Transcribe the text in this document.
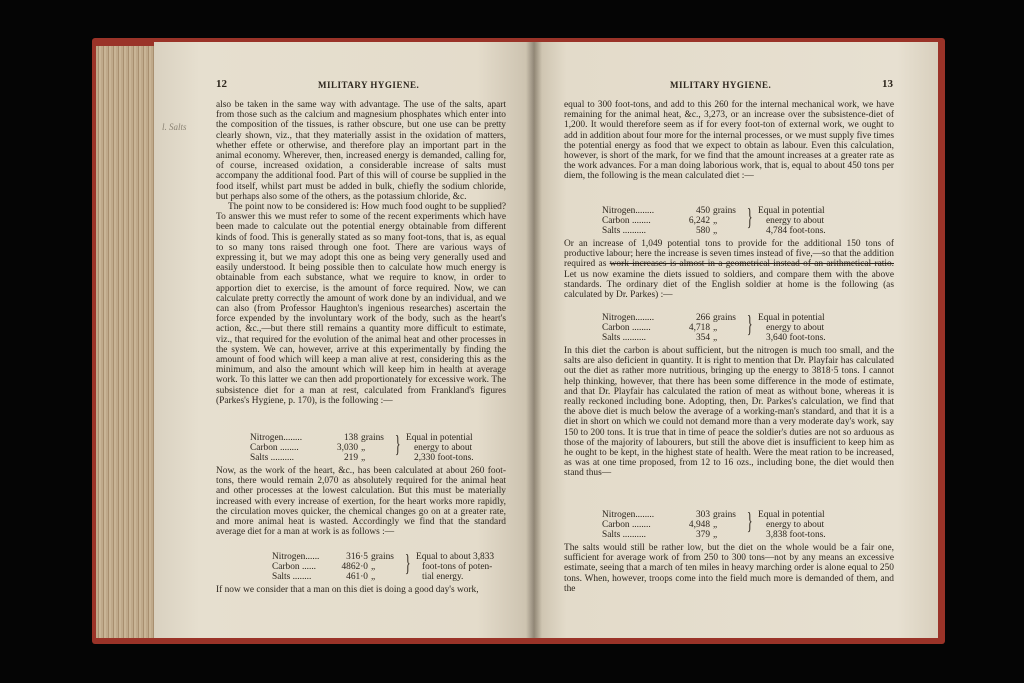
12	MILITARY HYGIENE.
l. Salts

also be taken in the same way with advantage. The use of the salts, apart from those such as the calcium and magnesium phosphates which enter into the composition of the tissues, is rather obscure, but one use can be pretty clearly shown, viz., that they materially assist in the oxidation of matters, whether effete or otherwise, and therefore play an important part in the animal economy. Wherever, then, increased energy is demanded, calling for, of course, increased oxidation, a considerable increase of salts must accompany the additional food. Part of this will of course be supplied in the food itself, whilst part must be added in bulk, chiefly the sodium chloride, but perhaps also some of the others, as the potassium chloride, &c.

The point now to be considered is: How much food ought to be supplied? To answer this we must refer to some of the recent experiments which have been made to calculate out the potential energy obtainable from different kinds of food. This is generally stated as so many foot-tons, that is, as equal to so many tons raised through one foot. There are various ways of expressing it, but we may adopt this one as being very generally used and easily understood. It being possible then to calculate how much energy is obtainable from each substance, what we require to know, in order to apportion diet to exercise, is the amount of force required. Now, we can calculate pretty correctly the amount of work done by an individual, and we can also (from Professor Haughton's ingenious researches) ascertain the force expended by the involuntary work of the body, such as the heart's action, &c.,—but there still remains a quantity more difficult to estimate, viz., that required for the evolution of the animal heat and other processes in the system. We can, however, arrive at this experimentally by finding the amount of food which will keep a man alive at rest, considering this as the minimum, and also the amount which will keep him in health at average work. To this latter we can then add proportionately for excessive work. The subsistence diet for a man at rest, calculated from Frankland's figures (Parkes's Hygiene, p. 170), is the following :—

Nitrogen........	138 grains
Carbon ........	3,030 „
Salts ..........	219 „
} Equal in potential
energy to about
2,330 foot-tons.

Now, as the work of the heart, &c., has been calculated at about 260 foot-tons, there would remain 2,070 as absolutely required for the animal heat and other processes at the lowest calculation. But this must be materially increased with every increase of exertion, for the heart works more rapidly, the circulation moves quicker, the chemical changes go on at a greater rate, and more animal heat is wasted. Accordingly we find that the standard average diet for a man at work is as follows :—

Nitrogen......	316·5 grains
Carbon ......	4862·0 „
Salts ........	461·0 „
} Equal to about 3,833
foot-tons of poten-
tial energy.

If now we consider that a man on this diet is doing a good day's work,

MILITARY HYGIENE.	13

equal to 300 foot-tons, and add to this 260 for the internal mechanical work, we have remaining for the animal heat, &c., 3,273, or an increase over the subsistence-diet of 1,200. It would therefore seem as if for every foot-ton of external work, we ought to add in addition about four more for the internal processes, or we must supply five times the potential energy as food that we expect to obtain as labour. Even this calculation, however, is short of the mark, for we find that the amount increases at a greater rate as the work advances. For a man doing laborious work, that is, equal to about 450 tons per diem, the following is the mean calculated diet :—

Nitrogen........	450 grains
Carbon ........	6,242 „
Salts ..........	580 „
} Equal in potential
energy to about
4,784 foot-tons.

Or an increase of 1,049 potential tons to provide for the additional 150 tons of productive labour; here the increase is seven times instead of five,—so that the addition required as work increases is almost in a geometrical instead of an arithmetical ratio. Let us now examine the diets issued to soldiers, and compare them with the above standards. The ordinary diet of the English soldier at home is the following (as calculated by Dr. Parkes) :—

Nitrogen........	266 grains
Carbon ........	4,718 „
Salts ..........	354 „
} Equal in potential
energy to about
3,640 foot-tons.

In this diet the carbon is about sufficient, but the nitrogen is much too small, and the salts are also deficient in quantity. It is right to mention that Dr. Playfair has calculated out the diet as rather more nutritious, bringing up the energy to 3818·5 tons. I cannot help thinking, however, that there has been some difference in the mode of estimate, and that Dr. Playfair has calculated the ration of meat as without bone, whereas it is really reckoned including bone. Adopting, then, Dr. Parkes's calculation, we find that the above diet is much below the average of a working-man's standard, and that it is a diet in short on which we could not demand more than a very moderate day's work, say 150 to 200 tons. It is true that in time of peace the soldier's duties are not so arduous as those of the majority of labourers, but still the above diet is insufficient to keep him as he ought to be kept, in the highest state of health. Were the meat ration to be increased, as was at one time proposed, from 12 to 16 ozs., including bone, the diet would then stand thus—

Nitrogen........	303 grains
Carbon ........	4,948 „
Salts ..........	379 „
} Equal in potential
energy to about
3,838 foot-tons.

The salts would still be rather low, but the diet on the whole would be a fair one, sufficient for average work of from 250 to 300 tons—not by any means an excessive estimate, seeing that a march of ten miles in heavy marching order is alone equal to 250 tons. When, however, troops come into the field much more is demanded of them, and the
